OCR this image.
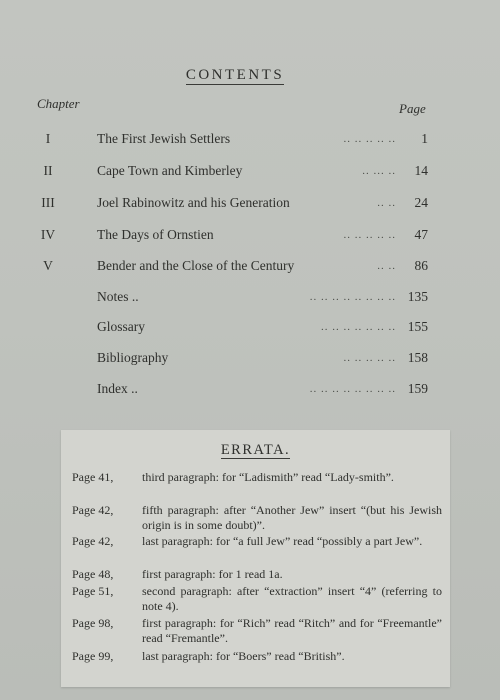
CONTENTS
Chapter	Page
I	The First Jewish Settlers	.. .. .. .. .. 1
II	Cape Town and Kimberley	.. ... .. 14
III	Joel Rabinowitz and his Generation	.. .. 24
IV	The Days of Ornstien	.. .. .. .. .. 47
V	Bender and the Close of the Century	.. .. 86
Notes ..	.. .. .. .. .. .. .. .. 135
Glossary	.. .. .. .. .. .. .. 155
Bibliography	.. .. .. .. .. 158
Index ..	.. .. .. .. .. .. .. .. 159
ERRATA.
Page 41,	third paragraph: for “Ladismith” read “Lady-smith”.
Page 42,	fifth paragraph: after “Another Jew” insert “(but his Jewish origin is in some doubt)”.
Page 42,	last paragraph: for “a full Jew” read “possibly a part Jew”.
Page 48,	first paragraph: for 1 read 1a.
Page 51,	second paragraph: after “extraction” insert “4” (referring to note 4).
Page 98,	first paragraph: for “Rich” read “Ritch” and for “Freemantle” read “Fremantle”.
Page 99,	last paragraph: for “Boers” read “British”.
